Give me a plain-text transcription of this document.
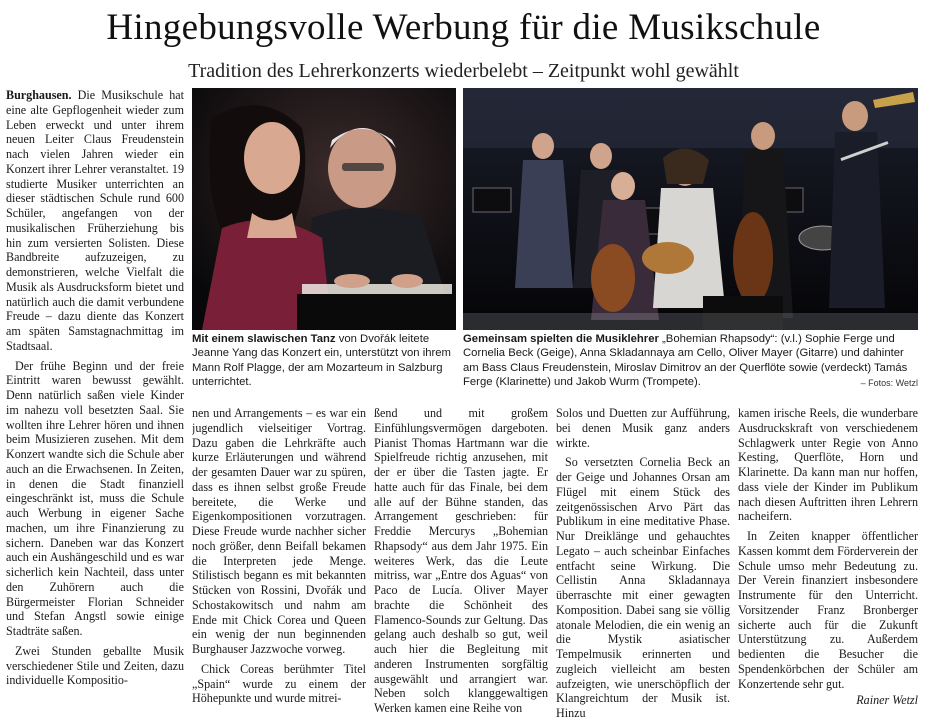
Hingebungsvolle Werbung für die Musikschule
Tradition des Lehrerkonzerts wiederbelebt – Zeitpunkt wohl gewählt

Burghausen. Die Musikschule hat eine alte Gepflogenheit wieder zum Leben erweckt und unter ihrem neuen Leiter Claus Freudenstein nach vielen Jahren wieder ein Konzert ihrer Lehrer veranstaltet. 19 studierte Musiker unterrichten an dieser städtischen Schule rund 600 Schüler, angefangen von der musikalischen Früherziehung bis hin zum versierten Solisten. Diese Bandbreite aufzuzeigen, zu demonstrieren, welche Vielfalt die Musik als Ausdrucksform bietet und natürlich auch die damit verbundene Freude – dazu diente das Konzert am späten Samstagnachmittag im Stadtsaal.

Der frühe Beginn und der freie Eintritt waren bewusst gewählt. Denn natürlich saßen viele Kinder im nahezu voll besetzten Saal. Sie wollten ihre Lehrer hören und ihnen beim Musizieren zusehen. Mit dem Konzert wandte sich die Schule aber auch an die Erwachsenen. In Zeiten, in denen die Stadt finanziell eingeschränkt ist, muss die Schule auch Werbung in eigener Sache machen, um ihre Finanzierung zu sichern. Daneben war das Konzert auch ein Aushängeschild und es war sicherlich kein Nachteil, dass unter den Zuhörern auch die Bürgermeister Florian Schneider und Stefan Angstl sowie einige Stadträte saßen.

Zwei Stunden geballte Musik verschiedener Stile und Zeiten, dazu individuelle Kompositio-

Mit einem slawischen Tanz von Dvořák leitete Jeanne Yang das Konzert ein, unterstützt von ihrem Mann Rolf Plagge, der am Mozarteum in Salzburg unterrichtet.
Gemeinsam spielten die Musiklehrer „Bohemian Rhapsody“: (v.l.) Sophie Ferge und Cornelia Beck (Geige), Anna Skladannaya am Cello, Oliver Mayer (Gitarre) und dahinter am Bass Claus Freudenstein, Miroslav Dimitrov an der Querflöte sowie (verdeckt) Tamás Ferge (Klarinette) und Jakob Wurm (Trompete).	– Fotos: Wetzl

nen und Arrangements – es war ein jugendlich vielseitiger Vortrag. Dazu gaben die Lehrkräfte auch kurze Erläuterungen und während der gesamten Dauer war zu spüren, dass es ihnen selbst große Freude bereitete, die Werke und Eigenkompositionen vorzutragen. Diese Freude wurde nachher sicher noch größer, denn Beifall bekamen die Interpreten jede Menge. Stilistisch begann es mit bekannten Stücken von Rossini, Dvořák und Schostakowitsch und nahm am Ende mit Chick Corea und Queen ein wenig der nun beginnenden Burghauser Jazzwoche vorweg.

Chick Coreas berühmter Titel „Spain“ wurde zu einem der Höhepunkte und wurde mitrei-

ßend und mit großem Einfühlungsvermögen dargeboten. Pianist Thomas Hartmann war die Spielfreude richtig anzusehen, mit der er über die Tasten jagte. Er hatte auch für das Finale, bei dem alle auf der Bühne standen, das Arrangement geschrieben: für Freddie Mercurys „Bohemian Rhapsody“ aus dem Jahr 1975. Ein weiteres Werk, das die Leute mitriss, war „Entre dos Aguas“ von Paco de Lucía. Oliver Mayer brachte die Schönheit des Flamenco-Sounds zur Geltung. Das gelang auch deshalb so gut, weil auch hier die Begleitung mit anderen Instrumenten sorgfältig ausgewählt und arrangiert war. Neben solch klanggewaltigen Werken kamen eine Reihe von

Solos und Duetten zur Aufführung, bei denen Musik ganz anders wirkte.

So versetzten Cornelia Beck an der Geige und Johannes Orsan am Flügel mit einem Stück des zeitgenössischen Arvo Pärt das Publikum in eine meditative Phase. Nur Dreiklänge und gehauchtes Legato – auch scheinbar Einfaches entfacht seine Wirkung. Die Cellistin Anna Skladannaya überraschte mit einer gewagten Komposition. Dabei sang sie völlig atonale Melodien, die ein wenig an die Mystik asiatischer Tempelmusik erinnerten und zugleich vielleicht am besten aufzeigten, wie unerschöpflich der Klangreichtum der Musik ist. Hinzu

kamen irische Reels, die wunderbare Ausdruckskraft von verschiedenem Schlagwerk unter Regie von Anno Kesting, Querflöte, Horn und Klarinette. Da kann man nur hoffen, dass viele der Kinder im Publikum nach diesen Auftritten ihren Lehrern nacheifern.

In Zeiten knapper öffentlicher Kassen kommt dem Förderverein der Schule umso mehr Bedeutung zu. Der Verein finanziert insbesondere Instrumente für den Unterricht. Vorsitzender Franz Bronberger sicherte auch für die Zukunft Unterstützung zu. Außerdem bedienten die Besucher die Spendenkörbchen der Schüler am Konzertende sehr gut.

Rainer Wetzl
